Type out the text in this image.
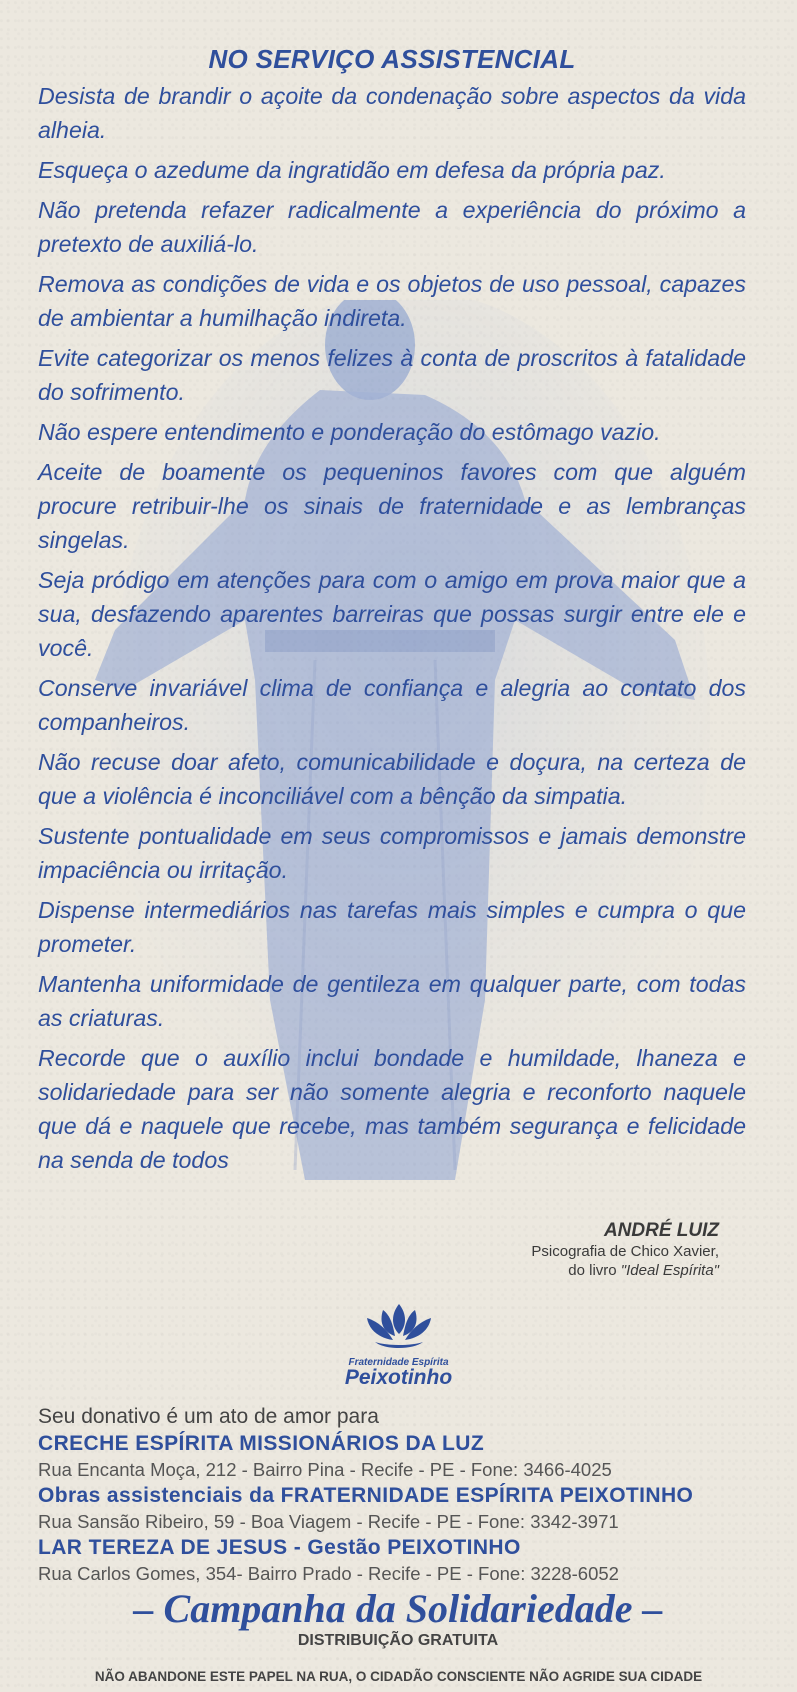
NO SERVIÇO ASSISTENCIAL

Desista de brandir o açoite da condenação sobre aspectos da vida alheia.

Esqueça o azedume da ingratidão em defesa da própria paz.

Não pretenda refazer radicalmente a experiência do próximo a pretexto de auxiliá-lo.

Remova as condições de vida e os objetos de uso pessoal, capazes de ambientar a humilhação indireta.

Evite categorizar os menos felizes à conta de proscritos à fatalidade do sofrimento.

Não espere entendimento e ponderação do estômago vazio.

Aceite de boamente os pequeninos favores com que alguém procure retribuir-lhe os sinais de fraternidade e as lembranças singelas.

Seja pródigo em atenções para com o amigo em prova maior que a sua, desfazendo aparentes barreiras que possas surgir entre ele e você.

Conserve invariável clima de confiança e alegria ao contato dos companheiros.

Não recuse doar afeto, comunicabilidade e doçura, na certeza de que a violência é inconciliável com a bênção da simpatia.

Sustente pontualidade em seus compromissos e jamais demonstre impaciência ou irritação.

Dispense intermediários nas tarefas mais simples e cumpra o que prometer.

Mantenha uniformidade de gentileza em qualquer parte, com todas as criaturas.

Recorde que o auxílio inclui bondade e humildade, lhaneza e solidariedade para ser não somente alegria e reconforto naquele que dá e naquele que recebe, mas também segurança e felicidade na senda de todos

ANDRÉ LUIZ
Psicografia de Chico Xavier,
do livro "Ideal Espírita"
Fraternidade Espírita
Peixotinho
Seu donativo é um ato de amor para
CRECHE ESPÍRITA MISSIONÁRIOS DA LUZ
Rua Encanta Moça, 212 - Bairro Pina - Recife - PE - Fone: 3466-4025
Obras assistenciais da FRATERNIDADE ESPÍRITA PEIXOTINHO
Rua Sansão Ribeiro, 59 - Boa Viagem - Recife - PE - Fone: 3342-3971
LAR TEREZA DE JESUS - Gestão PEIXOTINHO
Rua Carlos Gomes, 354- Bairro Prado - Recife - PE - Fone: 3228-6052
– Campanha da Solidariedade –
DISTRIBUIÇÃO GRATUITA
NÃO ABANDONE ESTE PAPEL NA RUA, O CIDADÃO CONSCIENTE NÃO AGRIDE SUA CIDADE
